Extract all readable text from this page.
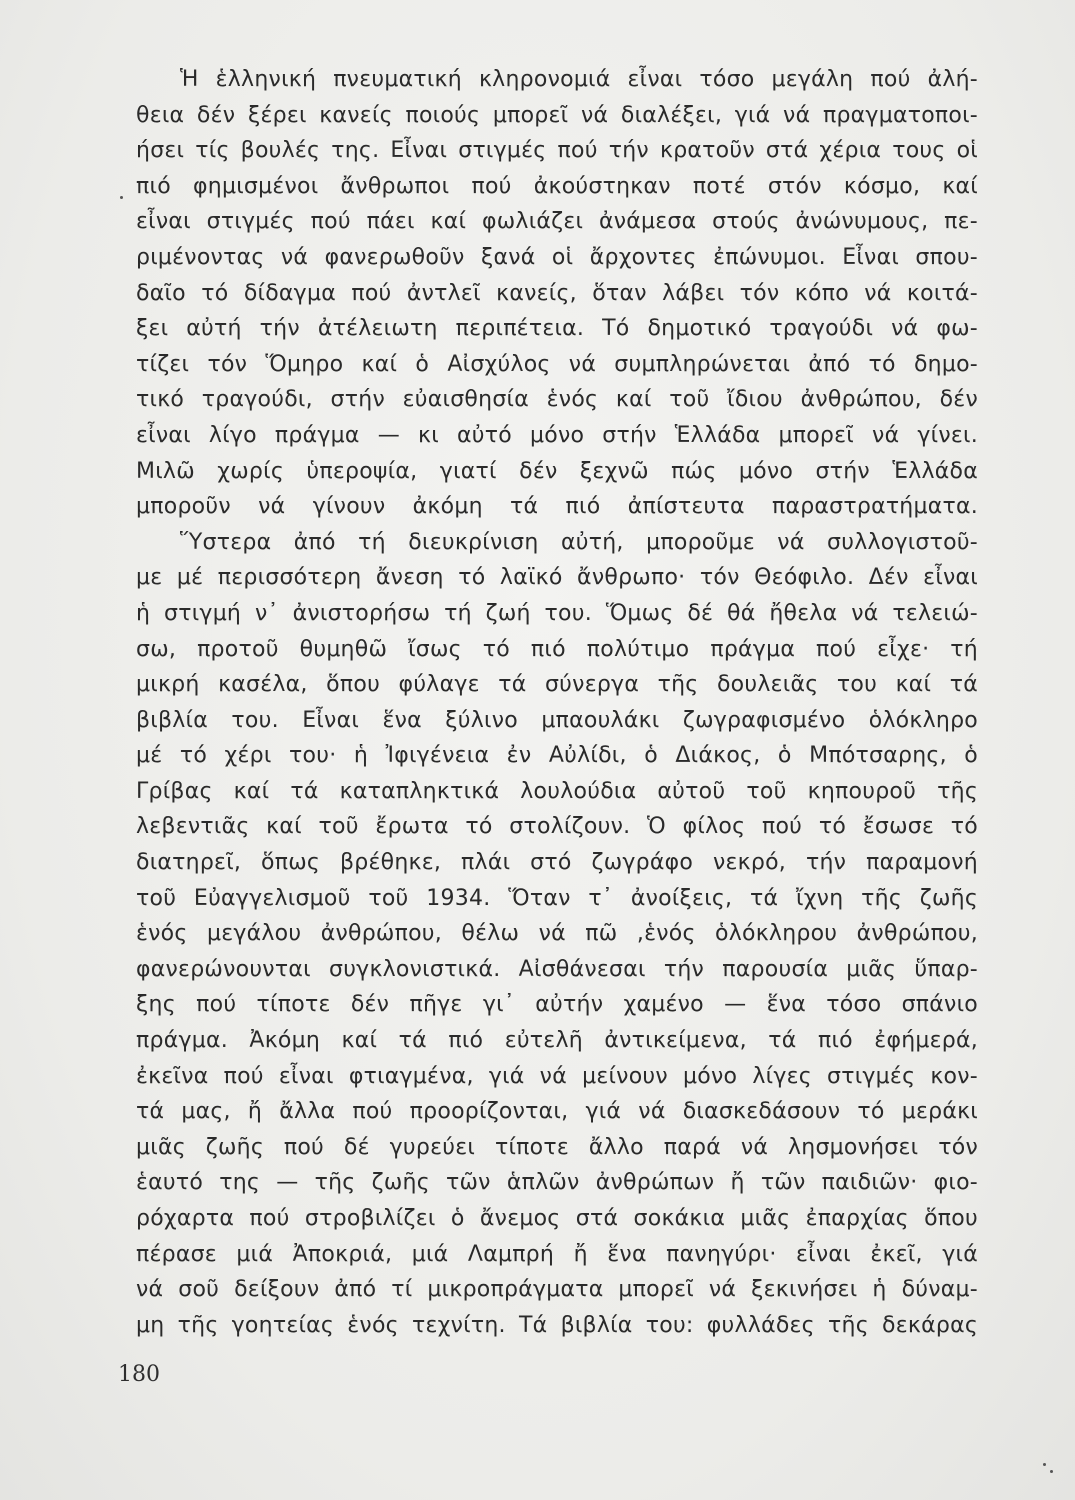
Ἡ ἑλληνική πνευματική κληρονομιά εἶναι τόσο μεγάλη πού ἀλή-
θεια δέν ξέρει κανείς ποιούς μπορεῖ νά διαλέξει, γιά νά πραγματοποι-
ήσει τίς βουλές της. Εἶναι στιγμές πού τήν κρατοῦν στά χέρια τους οἱ
πιό φημισμένοι ἄνθρωποι πού ἀκούστηκαν ποτέ στόν κόσμο, καί
εἶναι στιγμές πού πάει καί φωλιάζει ἀνάμεσα στούς ἀνώνυμους, πε-
ριμένοντας νά φανερωθοῦν ξανά οἱ ἄρχοντες ἐπώνυμοι. Εἶναι σπου-
δαῖο τό δίδαγμα πού ἀντλεῖ κανείς, ὅταν λάβει τόν κόπο νά κοιτά-
ξει αὐτή τήν ἀτέλειωτη περιπέτεια. Τό δημοτικό τραγούδι νά φω-
τίζει τόν Ὅμηρο καί ὁ Αἰσχύλος νά συμπληρώνεται ἀπό τό δημο-
τικό τραγούδι, στήν εὐαισθησία ἑνός καί τοῦ ἴδιου ἀνθρώπου, δέν
εἶναι λίγο πράγμα — κι αὐτό μόνο στήν Ἑλλάδα μπορεῖ νά γίνει.
Μιλῶ χωρίς ὑπεροψία, γιατί δέν ξεχνῶ πώς μόνο στήν Ἑλλάδα
μποροῦν νά γίνουν ἀκόμη τά πιό ἀπίστευτα παραστρατήματα.
Ὕστερα ἀπό τή διευκρίνιση αὐτή, μποροῦμε νά συλλογιστοῦ-
με μέ περισσότερη ἄνεση τό λαϊκό ἄνθρωπο· τόν Θεόφιλο. Δέν εἶναι
ἡ στιγμή ν᾿ ἀνιστορήσω τή ζωή του. Ὅμως δέ θά ἤθελα νά τελειώ-
σω, προτοῦ θυμηθῶ ἴσως τό πιό πολύτιμο πράγμα πού εἶχε· τή
μικρή κασέλα, ὅπου φύλαγε τά σύνεργα τῆς δουλειᾶς του καί τά
βιβλία του. Εἶναι ἕνα ξύλινο μπαουλάκι ζωγραφισμένο ὁλόκληρο
μέ τό χέρι του· ἡ Ἰφιγένεια ἐν Αὐλίδι, ὁ Διάκος, ὁ Μπότσαρης, ὁ
Γρίβας καί τά καταπληκτικά λουλούδια αὐτοῦ τοῦ κηπουροῦ τῆς
λεβεντιᾶς καί τοῦ ἔρωτα τό στολίζουν. Ὁ φίλος πού τό ἔσωσε τό
διατηρεῖ, ὅπως βρέθηκε, πλάι στό ζωγράφο νεκρό, τήν παραμονή
τοῦ Εὐαγγελισμοῦ τοῦ 1934. Ὅταν τ᾿ ἀνοίξεις, τά ἴχνη τῆς ζωῆς
ἑνός μεγάλου ἀνθρώπου, θέλω νά πῶ ,ἑνός ὁλόκληρου ἀνθρώπου,
φανερώνουνται συγκλονιστικά. Αἰσθάνεσαι τήν παρουσία μιᾶς ὕπαρ-
ξης πού τίποτε δέν πῆγε γι᾿ αὐτήν χαμένο — ἕνα τόσο σπάνιο
πράγμα. Ἀκόμη καί τά πιό εὐτελῆ ἀντικείμενα, τά πιό ἐφήμερά,
ἐκεῖνα πού εἶναι φτιαγμένα, γιά νά μείνουν μόνο λίγες στιγμές κον-
τά μας, ἤ ἄλλα πού προορίζονται, γιά νά διασκεδάσουν τό μεράκι
μιᾶς ζωῆς πού δέ γυρεύει τίποτε ἄλλο παρά νά λησμονήσει τόν
ἑαυτό της — τῆς ζωῆς τῶν ἁπλῶν ἀνθρώπων ἤ τῶν παιδιῶν· φιο-
ρόχαρτα πού στροβιλίζει ὁ ἄνεμος στά σοκάκια μιᾶς ἐπαρχίας ὅπου
πέρασε μιά Ἀποκριά, μιά Λαμπρή ἤ ἕνα πανηγύρι· εἶναι ἐκεῖ, γιά
νά σοῦ δείξουν ἀπό τί μικροπράγματα μπορεῖ νά ξεκινήσει ἡ δύναμ-
μη τῆς γοητείας ἑνός τεχνίτη. Τά βιβλία του: φυλλάδες τῆς δεκάρας
180
